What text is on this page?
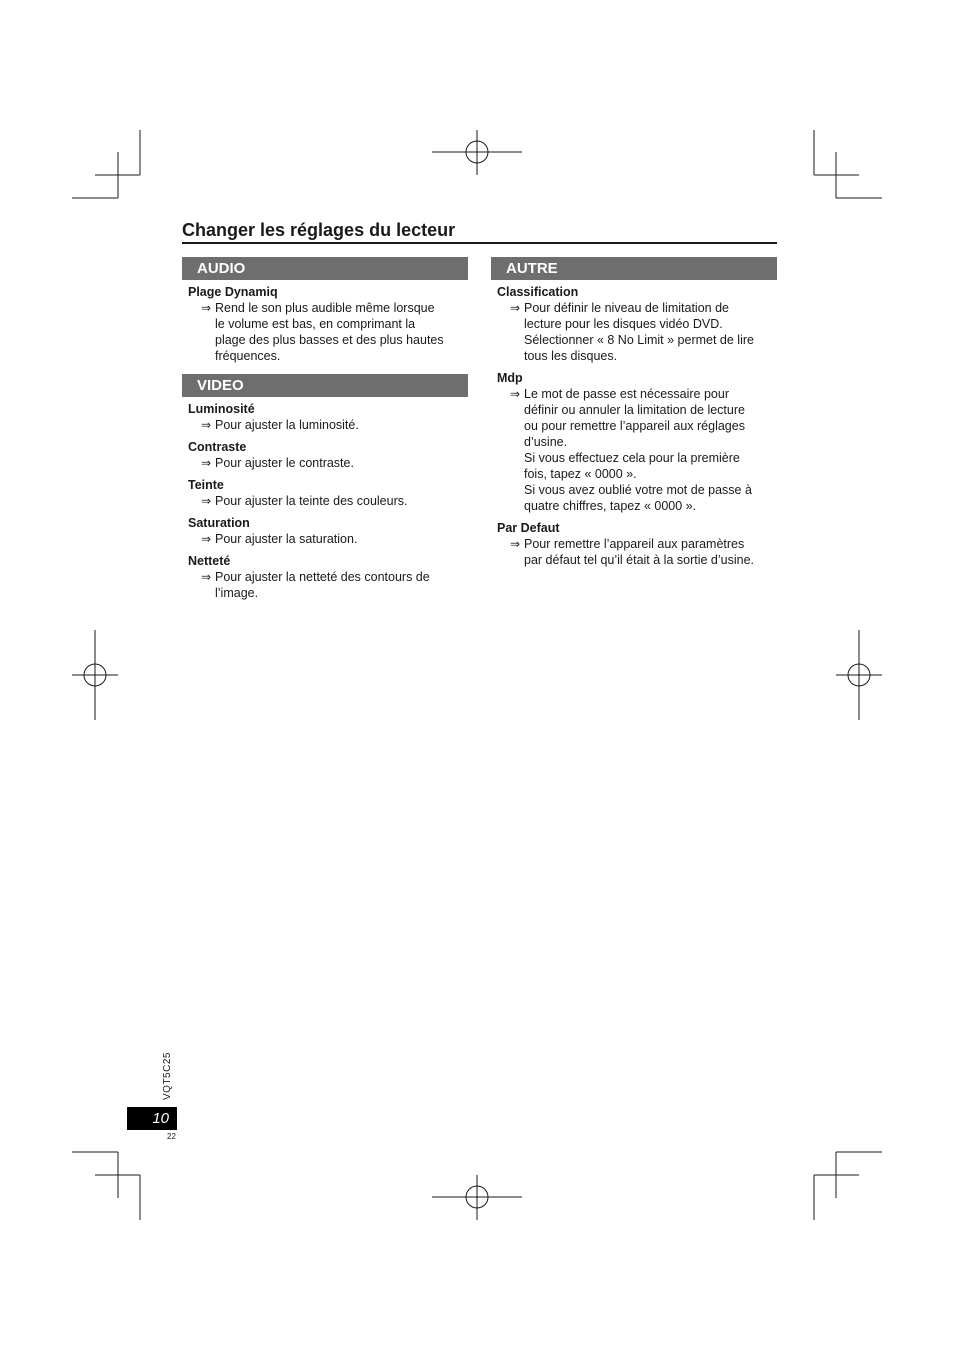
Changer les réglages du lecteur
AUDIO
Plage Dynamiq
⇒ Rend le son plus audible même lorsque
le volume est bas, en comprimant la
plage des plus basses et des plus hautes
fréquences.
VIDEO
Luminosité
⇒ Pour ajuster la luminosité.
Contraste
⇒ Pour ajuster le contraste.
Teinte
⇒ Pour ajuster la teinte des couleurs.
Saturation
⇒ Pour ajuster la saturation.
Netteté
⇒ Pour ajuster la netteté des contours de
l’image.
AUTRE
Classification
⇒ Pour définir le niveau de limitation de
lecture pour les disques vidéo DVD.
Sélectionner « 8 No Limit » permet de lire
tous les disques.
Mdp
⇒ Le mot de passe est nécessaire pour
définir ou annuler la limitation de lecture
ou pour remettre l’appareil aux réglages
d’usine.
Si vous effectuez cela pour la première
fois, tapez « 0000 ».
Si vous avez oublié votre mot de passe à
quatre chiffres, tapez « 0000 ».
Par Defaut
⇒ Pour remettre l’appareil aux paramètres
par défaut tel qu’il était à la sortie d’usine.
VQT5C25
10
22
